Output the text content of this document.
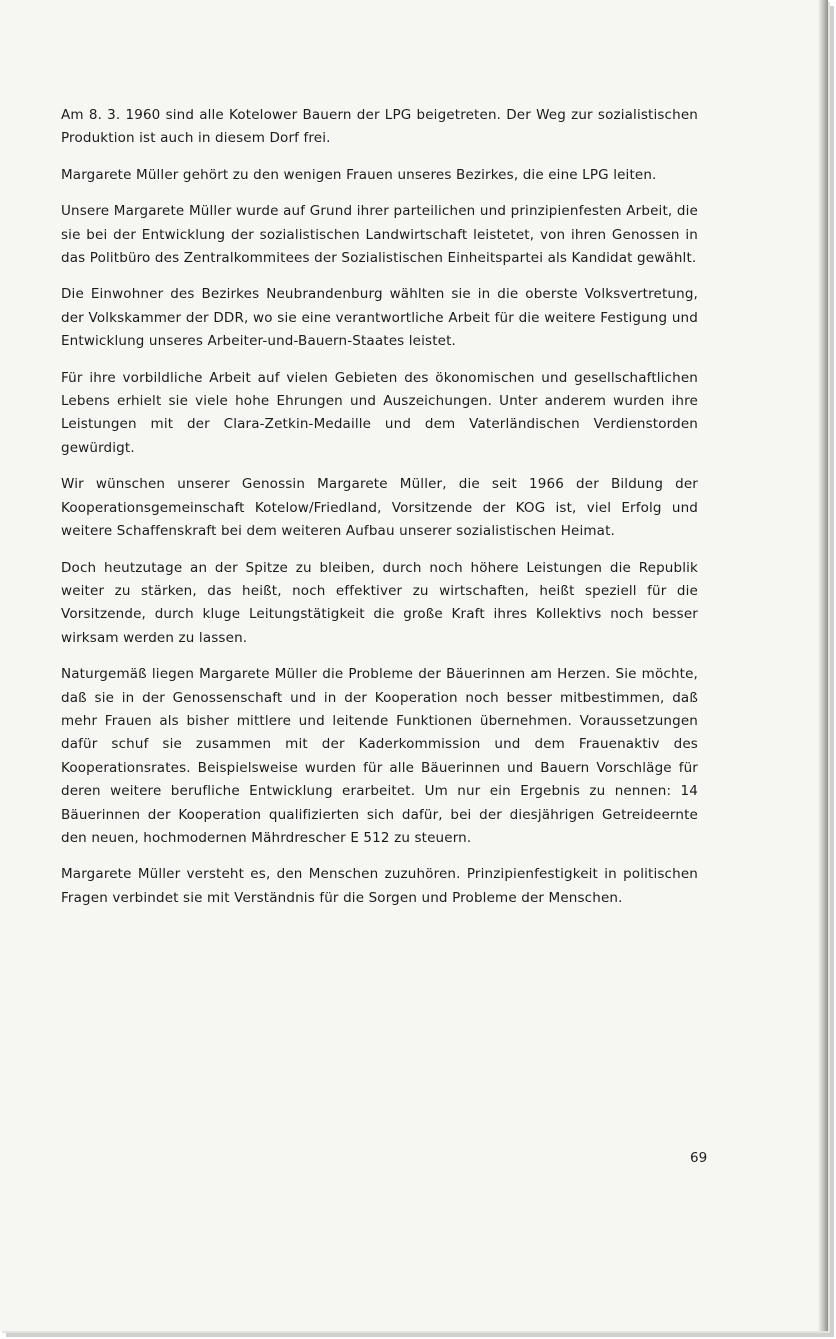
Am 8. 3. 1960 sind alle Kotelower Bauern der LPG beigetreten. Der Weg zur sozialistischen Produktion ist auch in diesem Dorf frei.

Margarete Müller gehört zu den wenigen Frauen unseres Bezirkes, die eine LPG leiten.

Unsere Margarete Müller wurde auf Grund ihrer parteilichen und prinzipienfesten Arbeit, die sie bei der Entwicklung der sozialistischen Landwirtschaft leistetet, von ihren Genossen in das Politbüro des Zentralkommitees der Sozialistischen Einheitspartei als Kandidat gewählt.

Die Einwohner des Bezirkes Neubrandenburg wählten sie in die oberste Volksvertretung, der Volkskammer der DDR, wo sie eine verantwortliche Arbeit für die weitere Festigung und Entwicklung unseres Arbeiter-und-Bauern-Staates leistet.

Für ihre vorbildliche Arbeit auf vielen Gebieten des ökonomischen und gesellschaftlichen Lebens erhielt sie viele hohe Ehrungen und Auszeichungen. Unter anderem wurden ihre Leistungen mit der Clara-Zetkin-Medaille und dem Vaterländischen Verdienstorden gewürdigt.

Wir wünschen unserer Genossin Margarete Müller, die seit 1966 der Bildung der Kooperationsgemeinschaft Kotelow/Friedland, Vorsitzende der KOG ist, viel Erfolg und weitere Schaffenskraft bei dem weiteren Aufbau unserer sozialistischen Heimat.

Doch heutzutage an der Spitze zu bleiben, durch noch höhere Leistungen die Republik weiter zu stärken, das heißt, noch effektiver zu wirtschaften, heißt speziell für die Vorsitzende, durch kluge Leitungstätigkeit die große Kraft ihres Kollektivs noch besser wirksam werden zu lassen.

Naturgemäß liegen Margarete Müller die Probleme der Bäuerinnen am Herzen. Sie möchte, daß sie in der Genossenschaft und in der Kooperation noch besser mitbestimmen, daß mehr Frauen als bisher mittlere und leitende Funktionen übernehmen. Voraussetzungen dafür schuf sie zusammen mit der Kaderkommission und dem Frauenaktiv des Kooperationsrates. Beispielsweise wurden für alle Bäuerinnen und Bauern Vorschläge für deren weitere berufliche Entwicklung erarbeitet. Um nur ein Ergebnis zu nennen: 14 Bäuerinnen der Kooperation qualifizierten sich dafür, bei der diesjährigen Getreideernte den neuen, hochmodernen Mährdrescher E 512 zu steuern.

Margarete Müller versteht es, den Menschen zuzuhören. Prinzipienfestigkeit in politischen Fragen verbindet sie mit Verständnis für die Sorgen und Probleme der Menschen.

69
